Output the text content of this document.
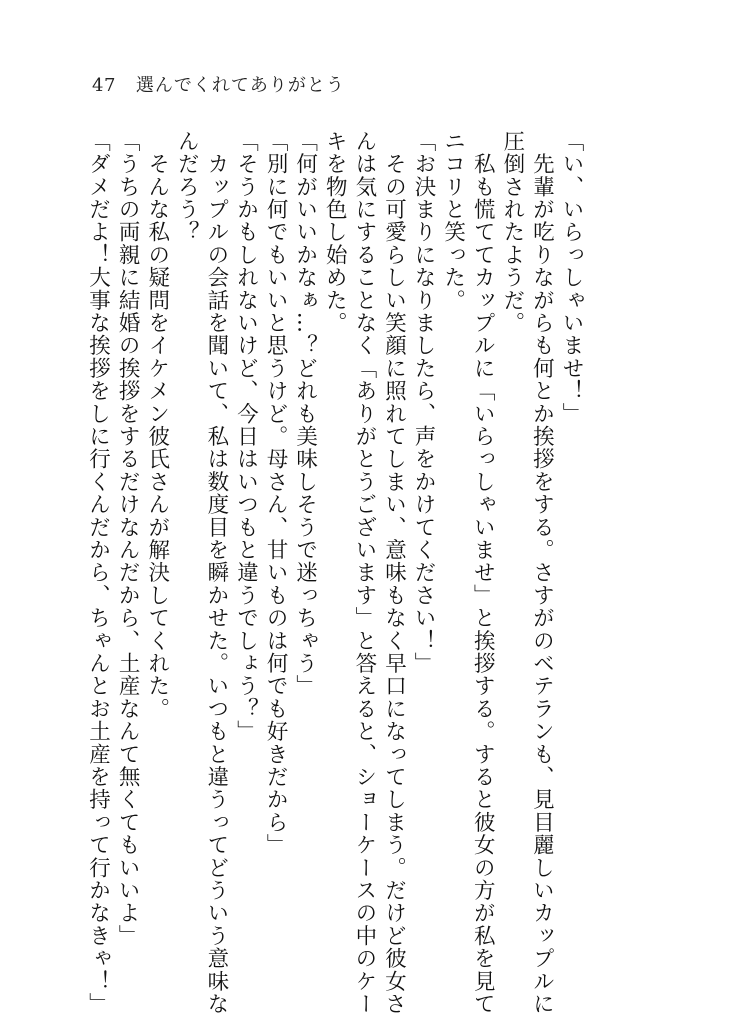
47 選んでくれてありがとう

「い、いらっしゃいませ！」

　先輩が吃りながらも何とか挨拶をする。さすがのベテランも、見目麗しいカップルに

圧倒されたようだ。

　私も慌ててカップルに「いらっしゃいませ」と挨拶する。すると彼女の方が私を見て

ニコリと笑った。

「お決まりになりましたら、声をかけてください！」

　その可愛らしい笑顔に照れてしまい、意味もなく早口になってしまう。だけど彼女さ

んは気にすることなく「ありがとうございます」と答えると、ショーケースの中のケー

キを物色し始めた。

「何がいいかなぁ…？どれも美味しそうで迷っちゃう」

「別に何でもいいと思うけど。母さん、甘いものは何でも好きだから」

「そうかもしれないけど、今日はいつもと違うでしょう？」

　カップルの会話を聞いて、私は数度目を瞬かせた。いつもと違うってどういう意味な

んだろう？

　そんな私の疑問をイケメン彼氏さんが解決してくれた。

「うちの両親に結婚の挨拶をするだけなんだから、土産なんて無くてもいいよ」

「ダメだよ！大事な挨拶をしに行くんだから、ちゃんとお土産を持って行かなきゃ！」
